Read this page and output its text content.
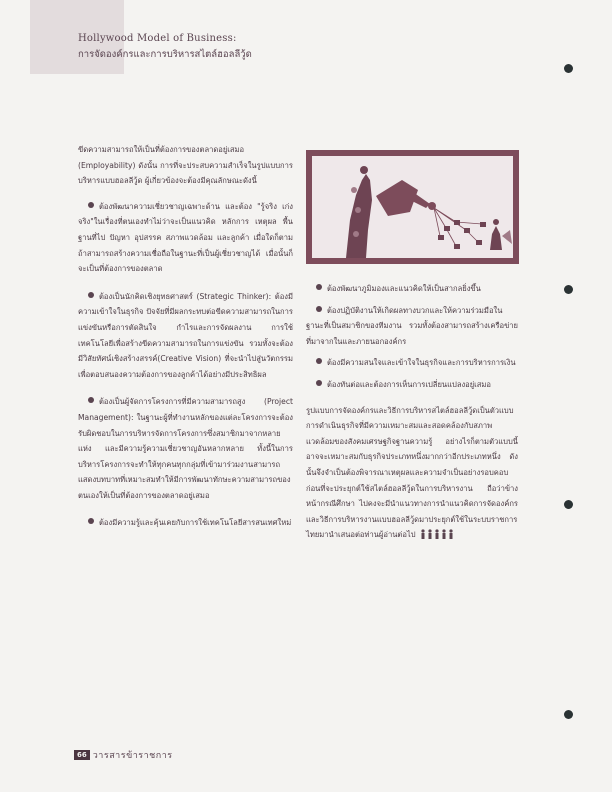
Hollywood Model of Business:
การจัดองค์กรและการบริหารสไตล์ฮอลลีวู้ด

ขีดความสามารถให้เป็นที่ต้องการของตลาดอยู่เสมอ (Employability) ดังนั้น การที่จะประสบความสำเร็จในรูปแบบการบริหารแบบฮอลลีวู้ด ผู้เกี่ยวข้องจะต้องมีคุณลักษณะดังนี้

ต้องพัฒนาความเชี่ยวชาญเฉพาะด้าน และต้อง "รู้จริง เก่งจริง"ในเรื่องที่ตนเองทำไม่ว่าจะเป็นแนวคิด หลักการ เหตุผล พื้นฐานที่ไป ปัญหา อุปสรรค สภาพแวดล้อม และลูกค้า เมื่อใดก็ตามถ้าสามารถสร้างความเชื่อถือในฐานะที่เป็นผู้เชี่ยวชาญได้ เมื่อนั้นก็จะเป็นที่ต้องการของตลาด

ต้องเป็นนักคิดเชิงยุทธศาสตร์ (Strategic Thinker): ต้องมีความเข้าใจในธุรกิจ ปัจจัยที่มีผลกระทบต่อขีดความสามารถในการแข่งขันหรือการตัดสินใจ กำไรและการจัดผลงาน การใช้เทคโนโลยีเพื่อสร้างขีดความสามารถในการแข่งขัน รวมทั้งจะต้องมีวิสัยทัศน์เชิงสร้างสรรค์(Creative Vision) ที่จะนำไปสู่นวัตกรรมเพื่อตอบสนองความต้องการของลูกค้าได้อย่างมีประสิทธิผล

ต้องเป็นผู้จัดการโครงการที่มีความสามารถสูง (Project Management): ในฐานะผู้ที่ทำงานหลักของแต่ละโครงการจะต้องรับผิดชอบในการบริหารจัดการโครงการซึ่งสมาชิกมาจากหลายแห่ง และมีความรู้ความเชี่ยวชาญอันหลากหลาย ทั้งนี้ในการบริหารโครงการจะทำให้ทุกคนทุกกลุ่มที่เข้ามาร่วมงานสามารถแสดงบทบาทที่เหมาะสมทำให้มีการพัฒนาทักษะความสามารถของตนเองให้เป็นที่ต้องการของตลาดอยู่เสมอ

ต้องมีความรู้และคุ้นเคยกับการใช้เทคโนโลยีสารสนเทศใหม่

ต้องพัฒนาภูมิมองและแนวคิดให้เป็นสากลยิ่งขึ้น

ต้องปฏิบัติงานให้เกิดผลทางบวกและให้ความร่วมมือในฐานะที่เป็นสมาชิกของทีมงาน รวมทั้งต้องสามารถสร้างเครือข่ายที่มาจากในและภายนอกองค์กร

ต้องมีความสนใจและเข้าใจในธุรกิจและการบริหารการเงิน

ต้องทันต่อและต้องการเห็นการเปลี่ยนแปลงอยู่เสมอ

รูปแบบการจัดองค์กรและวิธีการบริหารสไตล์ฮอลลีวู้ดเป็นตัวแบบการดำเนินธุรกิจที่มีความเหมาะสมและสอดคล้องกับสภาพแวดล้อมของสังคมเศรษฐกิจฐานความรู้ อย่างไรก็ตามตัวแบบนี้อาจจะเหมาะสมกับธุรกิจประเภทหนึ่งมากกว่าอีกประเภทหนึ่ง ดังนั้นจึงจำเป็นต้องพิจารณาเหตุผลและความจำเป็นอย่างรอบคอบก่อนที่จะประยุกต์ใช้สไตล์ฮอลลีวู้ดในการบริหารงาน ถือว่าข้างหน้ากรณีศึกษา ไปคงจะมีนำแนวทางการนำแนวคิดการจัดองค์กรและวิธีการบริหารงานแบบฮอลลีวู้ดมาประยุกต์ใช้ในระบบราชการไทยมานำเสนอต่อท่านผู้อ่านต่อไป

66 วารสารข้าราชการ
